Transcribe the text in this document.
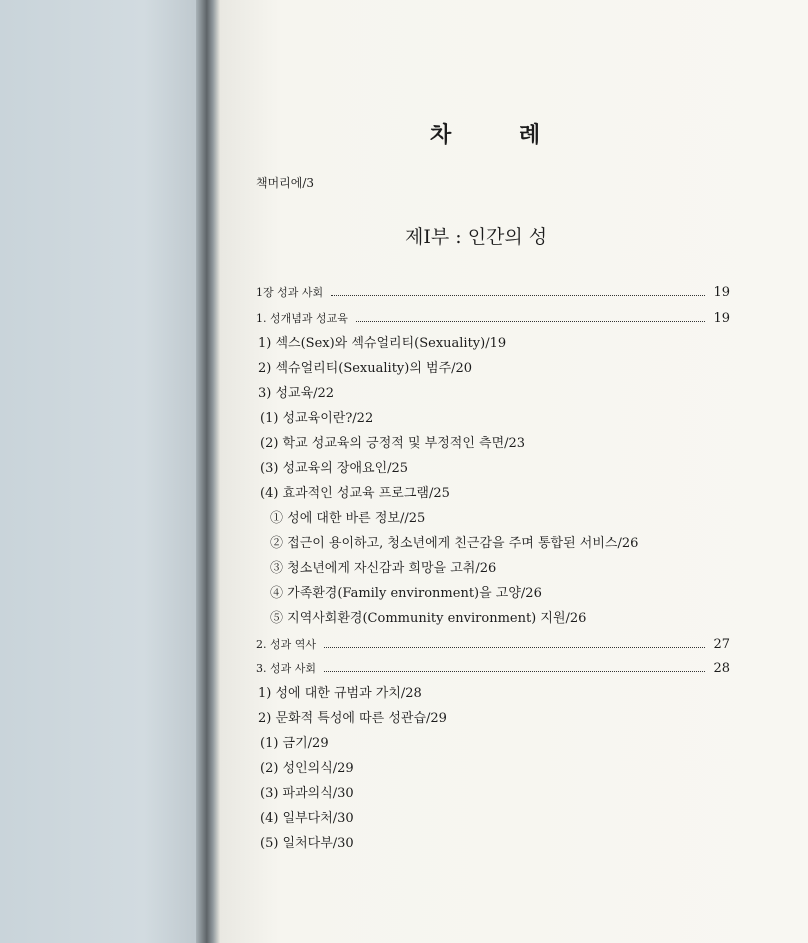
차 례
책머리에/3
제Ⅰ부 : 인간의 성
1장 성과 사회	19
1. 성개념과 성교육	19
1) 섹스(Sex)와 섹슈얼리티(Sexuality)/19
2) 섹슈얼리티(Sexuality)의 범주/20
3) 성교육/22
(1) 성교육이란?/22
(2) 학교 성교육의 긍정적 및 부정적인 측면/23
(3) 성교육의 장애요인/25
(4) 효과적인 성교육 프로그램/25
① 성에 대한 바른 정보//25
② 접근이 용이하고, 청소년에게 친근감을 주며 통합된 서비스/26
③ 청소년에게 자신감과 희망을 고취/26
④ 가족환경(Family environment)을 고양/26
⑤ 지역사회환경(Community environment) 지원/26
2. 성과 역사	27
3. 성과 사회	28
1) 성에 대한 규범과 가치/28
2) 문화적 특성에 따른 성관습/29
(1) 금기/29
(2) 성인의식/29
(3) 파과의식/30
(4) 일부다처/30
(5) 일처다부/30
